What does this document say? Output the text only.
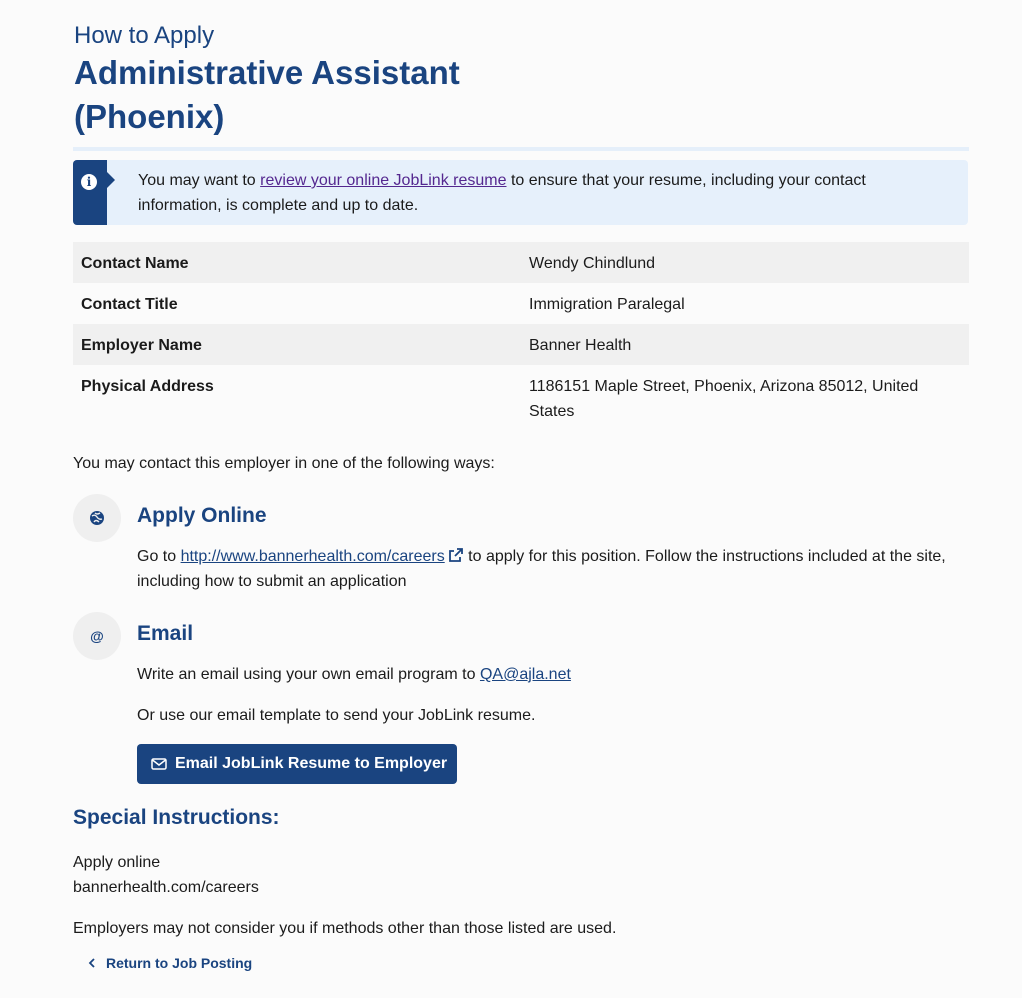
How to Apply
Administrative Assistant (Phoenix)
i	You may want to review your online JobLink resume to ensure that your resume, including your contact information, is complete and up to date.
Contact Name	Wendy Chindlund
Contact Title	Immigration Paralegal
Employer Name	Banner Health
Physical Address	1186151 Maple Street, Phoenix, Arizona 85012, United States
You may contact this employer in one of the following ways:
Apply Online
Go to http://www.bannerhealth.com/careers to apply for this position. Follow the instructions included at the site, including how to submit an application
@	Email
Write an email using your own email program to QA@ajla.net
Or use our email template to send your JobLink resume.
Email JobLink Resume to Employer
Special Instructions:
Apply online
bannerhealth.com/careers
Employers may not consider you if methods other than those listed are used.
Return to Job Posting
